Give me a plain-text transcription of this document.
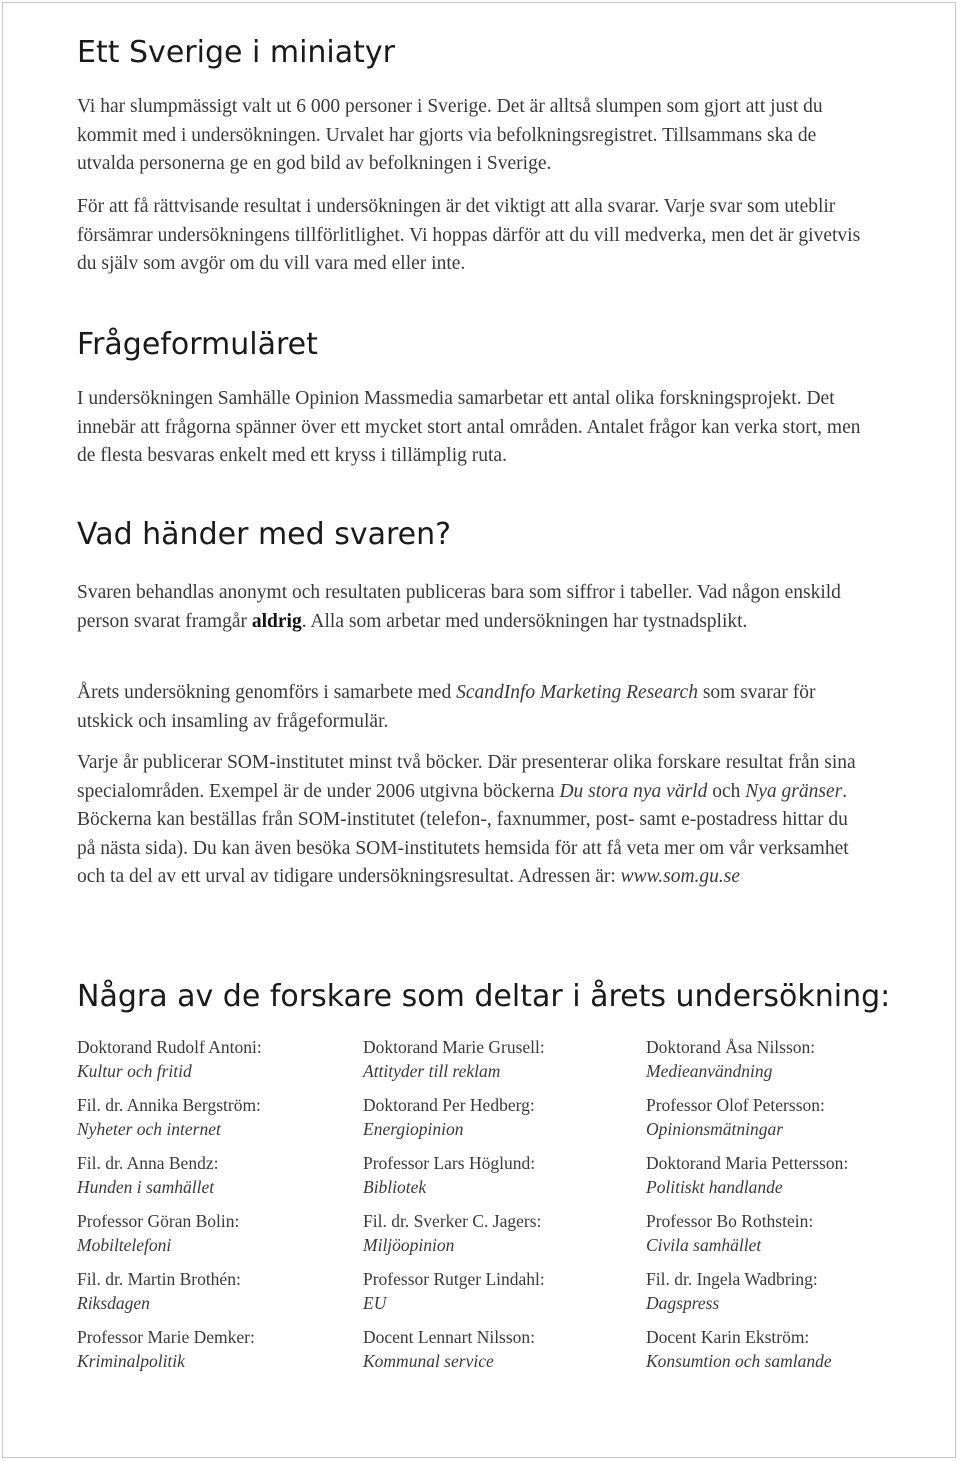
Ett Sverige i miniatyr

Vi har slumpmässigt valt ut 6 000 personer i Sverige. Det är alltså slumpen som gjort att just du kommit med i undersökningen. Urvalet har gjorts via befolkningsregistret. Tillsammans ska de utvalda personerna ge en god bild av befolkningen i Sverige.

För att få rättvisande resultat i undersökningen är det viktigt att alla svarar. Varje svar som uteblir försämrar undersökningens tillförlitlighet. Vi hoppas därför att du vill medverka, men det är givetvis du själv som avgör om du vill vara med eller inte.

Frågeformuläret

I undersökningen Samhälle Opinion Massmedia samarbetar ett antal olika forskningsprojekt. Det innebär att frågorna spänner över ett mycket stort antal områden. Antalet frågor kan verka stort, men de flesta besvaras enkelt med ett kryss i tillämplig ruta.

Vad händer med svaren?

Svaren behandlas anonymt och resultaten publiceras bara som siffror i tabeller. Vad någon enskild person svarat framgår aldrig. Alla som arbetar med undersökningen har tystnadsplikt.

Årets undersökning genomförs i samarbete med ScandInfo Marketing Research som svarar för utskick och insamling av frågeformulär.

Varje år publicerar SOM-institutet minst två böcker. Där presenterar olika forskare resultat från sina specialområden. Exempel är de under 2006 utgivna böckerna Du stora nya värld och Nya gränser. Böckerna kan beställas från SOM-institutet (telefon-, faxnummer, post- samt e-postadress hittar du på nästa sida). Du kan även besöka SOM-institutets hemsida för att få veta mer om vår verksamhet och ta del av ett urval av tidigare undersökningsresultat. Adressen är: www.som.gu.se

Några av de forskare som deltar i årets undersökning:
Doktorand Rudolf Antoni:
Kultur och fritid
Fil. dr. Annika Bergström:
Nyheter och internet
Fil. dr. Anna Bendz:
Hunden i samhället
Professor Göran Bolin:
Mobiltelefoni
Fil. dr. Martin Brothén:
Riksdagen
Professor Marie Demker:
Kriminalpolitik
Doktorand Marie Grusell:
Attityder till reklam
Doktorand Per Hedberg:
Energiopinion
Professor Lars Höglund:
Bibliotek
Fil. dr. Sverker C. Jagers:
Miljöopinion
Professor Rutger Lindahl:
EU
Docent Lennart Nilsson:
Kommunal service
Doktorand Åsa Nilsson:
Medieanvändning
Professor Olof Petersson:
Opinionsmätningar
Doktorand Maria Pettersson:
Politiskt handlande
Professor Bo Rothstein:
Civila samhället
Fil. dr. Ingela Wadbring:
Dagspress
Docent Karin Ekström:
Konsumtion och samlande
